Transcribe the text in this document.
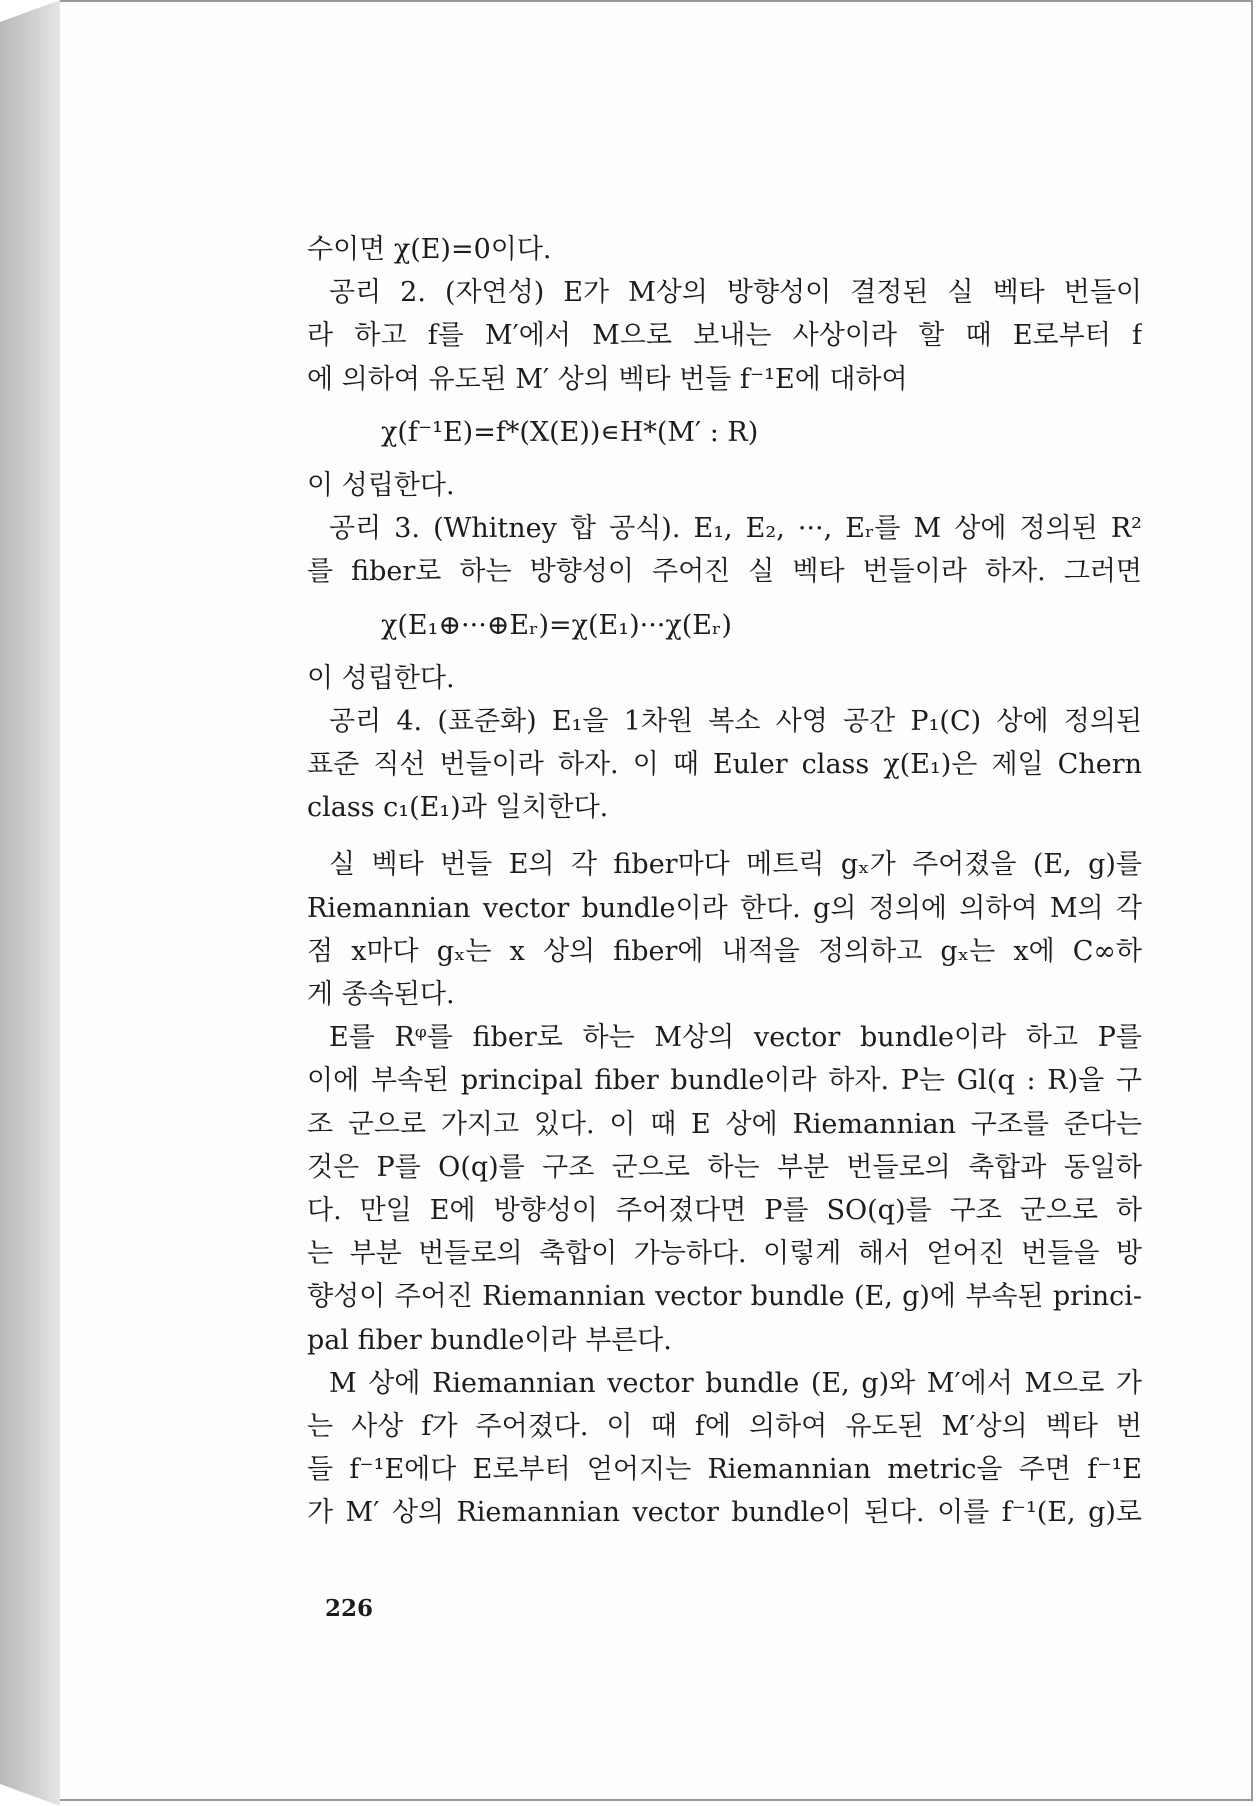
수이면 χ(E)=0이다.
공리 2. (자연성) E가 M상의 방향성이 결정된 실 벡타 번들이
라 하고 f를 M′에서 M으로 보내는 사상이라 할 때 E로부터 f
에 의하여 유도된 M′ 상의 벡타 번들 f⁻¹E에 대하여
χ(f⁻¹E)=f*(X(E))∊H*(M′ : R)
이 성립한다.
공리 3. (Whitney 합 공식). E₁, E₂, ···, Eᵣ를 M 상에 정의된 R²
를 fiber로 하는 방향성이 주어진 실 벡타 번들이라 하자. 그러면
χ(E₁⊕···⊕Eᵣ)=χ(E₁)···χ(Eᵣ)
이 성립한다.
공리 4. (표준화) E₁을 1차원 복소 사영 공간 P₁(C) 상에 정의된
표준 직선 번들이라 하자. 이 때 Euler class χ(E₁)은 제일 Chern
class c₁(E₁)과 일치한다.
실 벡타 번들 E의 각 fiber마다 메트릭 gₓ가 주어졌을 (E, g)를
Riemannian vector bundle이라 한다. g의 정의에 의하여 M의 각
점 x마다 gₓ는 x 상의 fiber에 내적을 정의하고 gₓ는 x에 C∞하
게 종속된다.
E를 Rᵠ를 fiber로 하는 M상의 vector bundle이라 하고 P를
이에 부속된 principal fiber bundle이라 하자. P는 Gl(q : R)을 구
조 군으로 가지고 있다. 이 때 E 상에 Riemannian 구조를 준다는
것은 P를 O(q)를 구조 군으로 하는 부분 번들로의 축합과 동일하
다. 만일 E에 방향성이 주어졌다면 P를 SO(q)를 구조 군으로 하
는 부분 번들로의 축합이 가능하다. 이렇게 해서 얻어진 번들을 방
향성이 주어진 Riemannian vector bundle (E, g)에 부속된 princi-
pal fiber bundle이라 부른다.
M 상에 Riemannian vector bundle (E, g)와 M′에서 M으로 가
는 사상 f가 주어졌다. 이 때 f에 의하여 유도된 M′상의 벡타 번
들 f⁻¹E에다 E로부터 얻어지는 Riemannian metric을 주면 f⁻¹E
가 M′ 상의 Riemannian vector bundle이 된다. 이를 f⁻¹(E, g)로
226
